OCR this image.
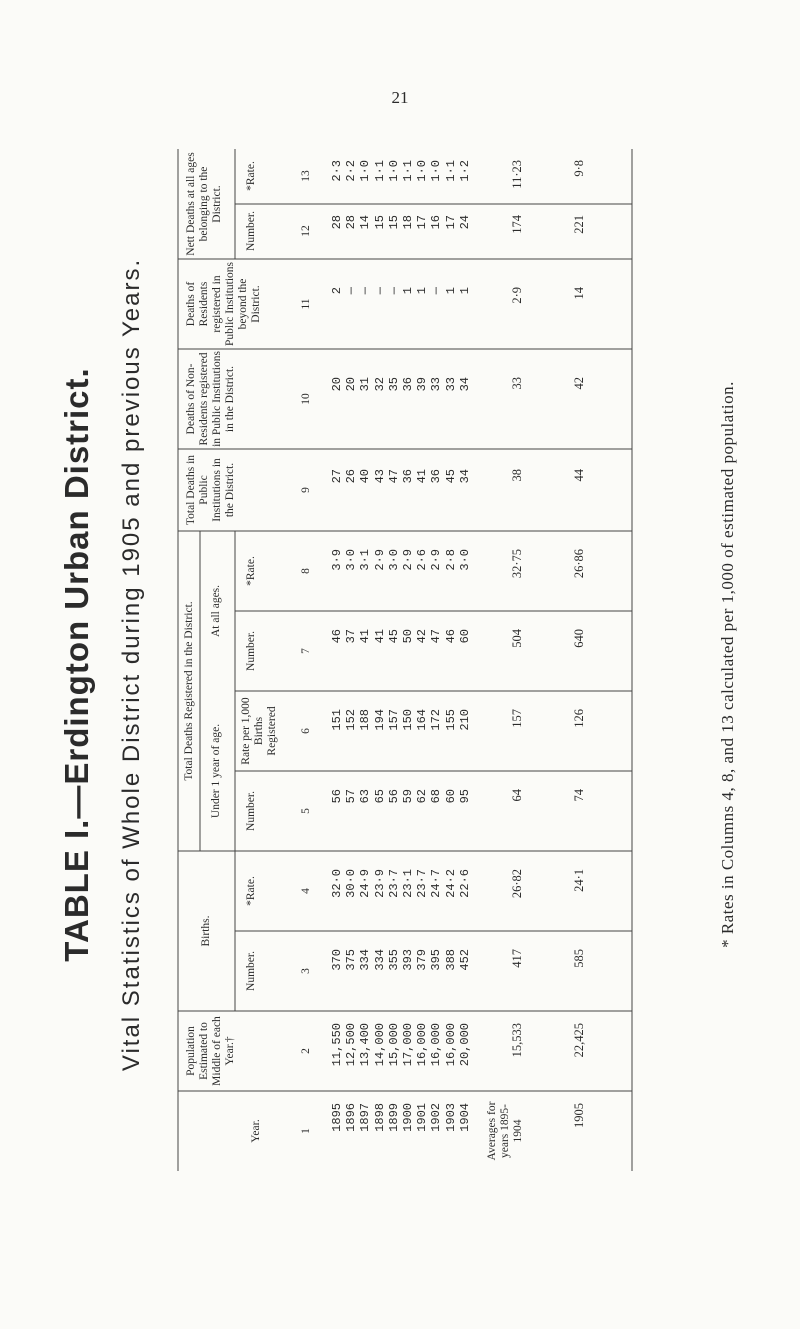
21
TABLE I.—Erdington Urban District. Vital Statistics of Whole District during 1905 and previous Years.
Year.
Population Estimated to Middle of each Year.†
Births.
Total Deaths Registered in the District. Under 1 year of age.
At all ages.
Total Deaths in Public Institutions in the District.
Deaths of Non-Residents registered in Public Institutions in the District.
Deaths of Residents registered in Public Institutions beyond the District.
Nett Deaths at all ages belonging to the District.
Number.
*Rate.
Number.
Rate per 1,000 Births Registered
Number.
*Rate.
Number.
*Rate.
1
2
3
4
5
6
7
8
9
10
11
12
13
1895 1896 1897 1898 1899 1900 1901 1902 1903 1904
11,550 12,500 13,400 14,000 15,000 17,000 16,000 16,000 16,000 20,000
370 375 334 334 355 393 379 395 388 452
32·0 30·0 24·9 23·9 23·7 23·1 23·7 24·7 24·2 22·6
56 57 63 65 56 59 62 68 60 95
151 152 188 194 157 150 164 172 155 210
46 37 41 41 45 50 42 47 46 60
3·9 3·0 3·1 2·9 3·0 2·9 2·6 2·9 2·8 3·0
27 26 40 43 47 36 41 36 45 34
20 20 31 32 35 36 39 33 33 34
2 — — — — 1 1 — 1 1
28 28 14 15 15 18 17 16 17 24
2·3 2·2 1·0 1·1 1·0 1·1 1·0 1·0 1·1 1·2
Averages for years 1895-1904
15,533
417
26·82
64
157
504
32·75
38
33
2·9
174
11·23
1905
22,425
585
24·1
74
126
640
26·86
44
42
14
221
9·8
* Rates in Columns 4, 8, and 13 calculated per 1,000 of estimated population.
